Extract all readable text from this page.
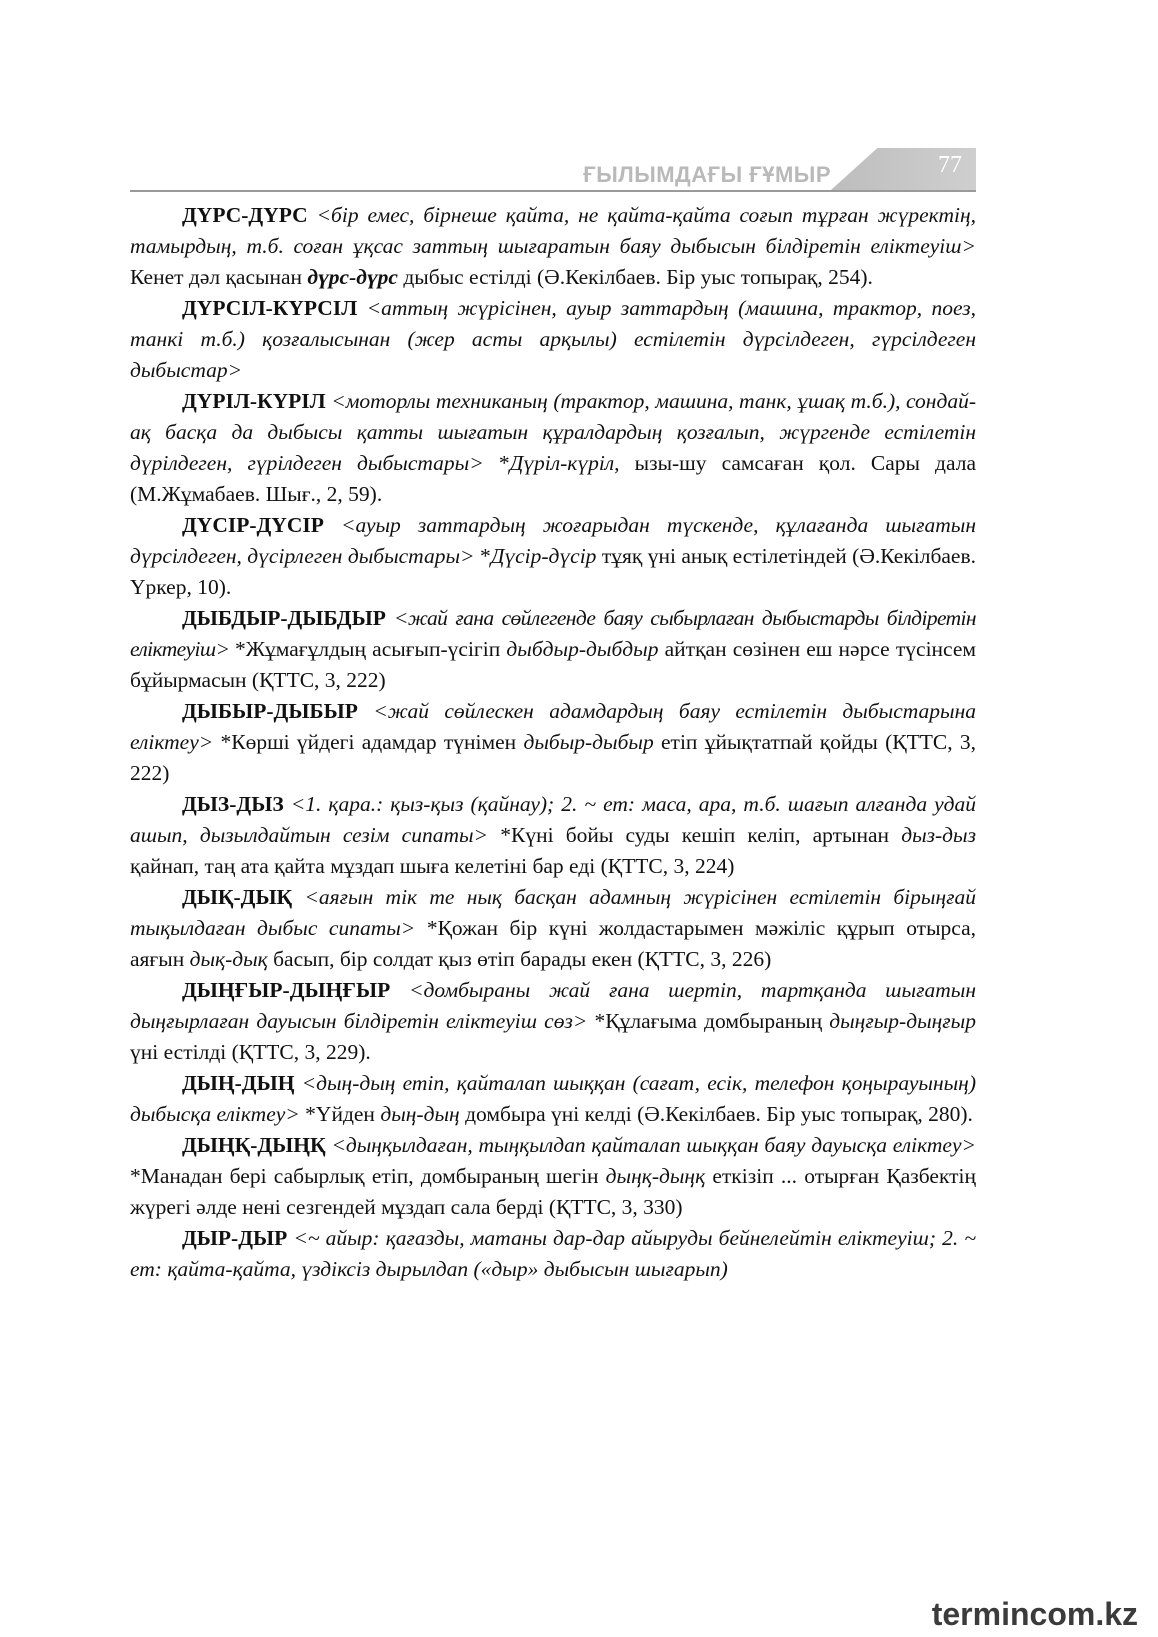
ҒЫЛЫМДАҒЫ ҒҰМЫР	77

ДҮРС-ДҮРС <бір емес, бірнеше қайта, не қайта-қайта соғып тұрған жүректің, тамырдың, т.б. соған ұқсас заттың шығаратын баяу дыбысын білдіретін еліктеуіш> Кенет дәл қасынан дүрс-дүрс дыбыс естілді (Ә.Кекілбаев. Бір уыс топырақ, 254).

ДҮРСІЛ-КҮРСІЛ <аттың жүрісінен, ауыр заттардың (машина, трактор, поез, танкі т.б.) қозғалысынан (жер асты арқылы) естілетін дүрсілдеген, гүрсілдеген дыбыстар>

ДҮРІЛ-КҮРІЛ <моторлы техниканың (трактор, машина, танк, ұшақ т.б.), сондай-ақ басқа да дыбысы қатты шығатын құралдардың қозғалып, жүргенде естілетін дүрілдеген, гүрілдеген дыбыстары> *Дүріл-күріл, ызы-шу самсаған қол. Сары дала (М.Жұмабаев. Шығ., 2, 59).

ДҮСІР-ДҮСІР <ауыр заттардың жоғарыдан түскенде, құлағанда шығатын дүрсілдеген, дүсірлеген дыбыстары> *Дүсір-дүсір тұяқ үні анық естілетіндей (Ә.Кекілбаев. Үркер, 10).

ДЫБДЫР-ДЫБДЫР <жай ғана сөйлегенде баяу сыбырлаған дыбыстарды білдіретін еліктеуіш> *Жұмағұлдың асығып-үсігіп дыбдыр-дыбдыр айтқан сөзінен еш нәрсе түсінсем бұйырмасын (ҚТТС, 3, 222)

ДЫБЫР-ДЫБЫР <жай сөйлескен адамдардың баяу естілетін дыбыстарына еліктеу> *Көрші үйдегі адамдар түнімен дыбыр-дыбыр етіп ұйықтатпай қойды (ҚТТС, 3, 222)

ДЫЗ-ДЫЗ <1. қара.: қыз-қыз (қайнау); 2. ~ ет: маса, ара, т.б. шағып алғанда удай ашып, дызылдайтын сезім сипаты> *Күні бойы суды кешіп келіп, артынан дыз-дыз қайнап, таң ата қайта мұздап шыға келетіні бар еді (ҚТТС, 3, 224)

ДЫҚ-ДЫҚ <аяғын тік те нық басқан адамның жүрісінен естілетін бірыңғай тықылдаған дыбыс сипаты> *Қожан бір күні жолдастарымен мәжіліс құрып отырса, аяғын дық-дық басып, бір солдат қыз өтіп барады екен (ҚТТС, 3, 226)

ДЫҢҒЫР-ДЫҢҒЫР <домбыраны жай ғана шертіп, тартқанда шығатын дыңғырлаған дауысын білдіретін еліктеуіш сөз> *Құлағыма домбыраның дыңғыр-дыңғыр үні естілді (ҚТТС, 3, 229).

ДЫҢ-ДЫҢ <дың-дың етіп, қайталап шыққан (сағат, есік, телефон қоңырауының) дыбысқа еліктеу> *Үйден дың-дың домбыра үні келді (Ә.Кекілбаев. Бір уыс топырақ, 280).

ДЫҢҚ-ДЫҢҚ <дыңқылдаған, тыңқылдап қайталап шыққан баяу дауысқа еліктеу> *Манадан бері сабырлық етіп, домбыраның шегін дыңқ-дыңқ еткізіп ... отырған Қазбектің жүрегі әлде нені сезгендей мұздап сала берді (ҚТТС, 3, 330)

ДЫР-ДЫР <~ айыр: қағазды, матаны дар-дар айыруды бейнелейтін еліктеуіш; 2. ~ ет: қайта-қайта, үздіксіз дырылдап («дыр» дыбысын шығарып)

termincom.kz
